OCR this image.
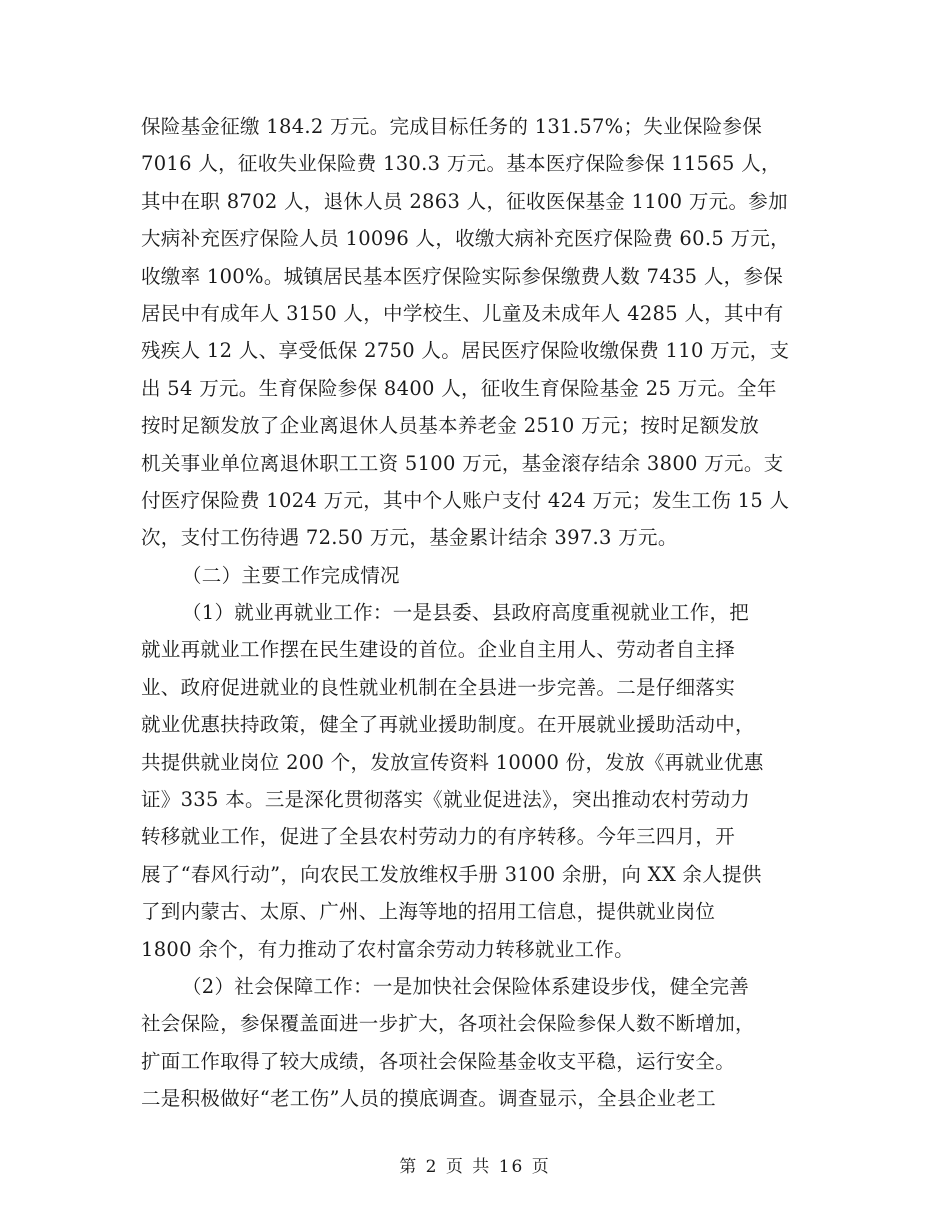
保险基金征缴 184.2 万元。完成目标任务的 131.57%；失业保险参保
7016 人，征收失业保险费 130.3 万元。基本医疗保险参保 11565 人，
其中在职 8702 人，退休人员 2863 人，征收医保基金 1100 万元。参加
大病补充医疗保险人员 10096 人，收缴大病补充医疗保险费 60.5 万元，
收缴率 100%。城镇居民基本医疗保险实际参保缴费人数 7435 人，参保
居民中有成年人 3150 人，中学校生、儿童及未成年人 4285 人，其中有
残疾人 12 人、享受低保 2750 人。居民医疗保险收缴保费 110 万元，支
出 54 万元。生育保险参保 8400 人，征收生育保险基金 25 万元。全年
按时足额发放了企业离退休人员基本养老金 2510 万元；按时足额发放
机关事业单位离退休职工工资 5100 万元，基金滚存结余 3800 万元。支
付医疗保险费 1024 万元，其中个人账户支付 424 万元；发生工伤 15 人
次，支付工伤待遇 72.50 万元，基金累计结余 397.3 万元。
（二）主要工作完成情况
（1）就业再就业工作：一是县委、县政府高度重视就业工作，把
就业再就业工作摆在民生建设的首位。企业自主用人、劳动者自主择
业、政府促进就业的良性就业机制在全县进一步完善。二是仔细落实
就业优惠扶持政策，健全了再就业援助制度。在开展就业援助活动中，
共提供就业岗位 200 个，发放宣传资料 10000 份，发放《再就业优惠
证》335 本。三是深化贯彻落实《就业促进法》，突出推动农村劳动力
转移就业工作，促进了全县农村劳动力的有序转移。今年三四月，开
展了“春风行动”，向农民工发放维权手册 3100 余册，向 XX 余人提供
了到内蒙古、太原、广州、上海等地的招用工信息，提供就业岗位
1800 余个，有力推动了农村富余劳动力转移就业工作。
（2）社会保障工作：一是加快社会保险体系建设步伐，健全完善
社会保险，参保覆盖面进一步扩大，各项社会保险参保人数不断增加，
扩面工作取得了较大成绩，各项社会保险基金收支平稳，运行安全。
二是积极做好“老工伤”人员的摸底调查。调查显示，全县企业老工
第 2 页 共 16 页
